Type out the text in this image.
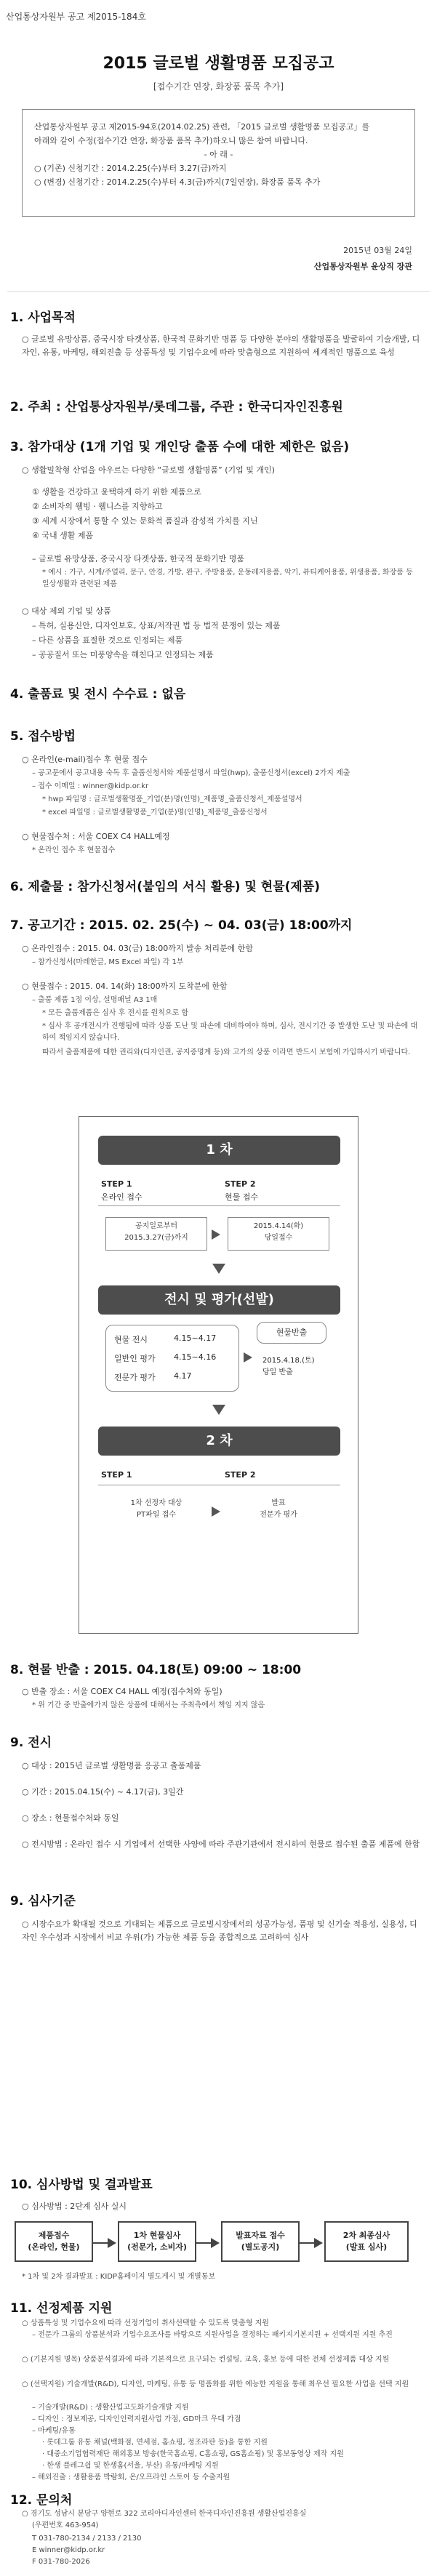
산업통상자원부 공고 제2015-184호
2015 글로벌 생활명품 모집공고
[접수기간 연장, 화장품 품목 추가]
산업통상자원부 공고 제2015-94호(2014.02.25) 관련, 「2015 글로벌 생활명품 모집공고」를
아래와 같이 수정(접수기간 연장, 화장품 품목 추가)하오니 많은 참여 바랍니다.
- 아 래 -
○ (기존) 신청기간 : 2014.2.25(수)부터 3.27(금)까지
○ (변경) 신청기간 : 2014.2.25(수)부터 4.3(금)까지(7일연장), 화장품 품목 추가
2015년 03월 24일
산업통상자원부 윤상직 장관
1. 사업목적
○ 글로벌 유망상품, 중국시장 타겟상품, 한국적 문화기반 명품 등 다양한 분야의 생활명품을 발굴하여 기술개발, 디자인, 유통, 마케팅, 해외진출 등 상품특성 및 기업수요에 따라 맞춤형으로 지원하여 세계적인 명품으로 육성
2. 주최 : 산업통상자원부/롯데그룹, 주관 : 한국디자인진흥원
3. 참가대상 (1개 기업 및 개인당 출품 수에 대한 제한은 없음)
○ 생활밀착형 산업을 아우르는 다양한 “글로벌 생활명품” (기업 및 개인)
① 생활을 건강하고 윤택하게 하기 위한 제품으로
② 소비자의 웰빙 · 웰니스를 지향하고
③ 세계 시장에서 통할 수 있는 문화적 품질과 감성적 가치를 지닌
④ 국내 생활 제품
– 글로벌 유망상품, 중국시장 타겟상품, 한국적 문화기반 명품
* 예시 : 가구, 시계/주얼리, 문구, 안경, 가방, 완구, 주방용품, 운동레저용품, 악기, 뷰티케어용품, 위생용품, 화장품 등 일상생활과 관련된 제품
○ 대상 제외 기업 및 상품
– 특허, 실용신안, 디자인보호, 상표/저작권 법 등 법적 분쟁이 있는 제품
– 다른 상품을 표절한 것으로 인정되는 제품
– 공공질서 또는 미풍양속을 해친다고 인정되는 제품
4. 출품료 및 전시 수수료 : 없음
5. 접수방법
○ 온라인(e-mail)접수 후 현물 접수
– 공고문에서 공고내용 숙독 후 출품신청서와 제품설명서 파일(hwp), 출품신청서(excel) 2가지 제출
– 접수 이메일 : winner@kidp.or.kr
* hwp 파일명 : 글로벌생활명품_기업(분)명(인명)_제품명_출품신청서_제품설명서
* excel 파일명 : 글로벌생활명품_기업(분)명(인명)_제품명_출품신청서
○ 현물접수처 : 서울 COEX C4 HALL예정
* 온라인 접수 후 현물접수
6. 제출물 : 참가신청서(붙임의 서식 활용) 및 현물(제품)
7. 공고기간 : 2015. 02. 25(수) ~ 04. 03(금) 18:00까지
○ 온라인접수 : 2015. 04. 03(금) 18:00까지 발송 처리분에 한함
– 참가신청서(마레한글, MS Excel 파일) 각 1부
○ 현물접수 : 2015. 04. 14(화) 18:00까지 도착분에 한함
– 출품 제품 1점 이상, 설명패널 A3 1매
* 모든 출품제품은 심사 후 전시를 원칙으로 함
* 심사 후 공개전시가 진행됨에 따라 상품 도난 및 파손에 대비하여야 하며, 심사, 전시기간 중 발생한 도난 및 파손에 대하여 책임지지 않습니다.
따라서 출품제품에 대한 권리와(디자인권, 공지증명계 등)와 고가의 상품 이라면 반드시 보험에 가입하시기 바랍니다.
1 차
STEP 1
온라인 접수
STEP 2
현물 접수
공지일로부터
2015.3.27(금)까지
2015.4.14(화)
당일접수
전시 및 평가(선발)
현물 전시	4.15~4.17
일반인 평가 4.15~4.16
전문가 평가 4.17
현물반출
2015.4.18.(토)
당일 반출
2 차
STEP 1	STEP 2
1차 선정자 대상
PT파일 접수
발표
전문가 평가
8. 현물 반출 : 2015. 04.18(토) 09:00 ~ 18:00
○ 반출 장소 : 서울 COEX C4 HALL 예정(접수처와 동일)
* 위 기간 중 반출에가지 않은 상품에 대해서는 주최측에서 책임 지지 않음
9. 전시
○ 대상 : 2015년 글로벌 생활명품 응공고 출품제품
○ 기간 : 2015.04.15(수) ~ 4.17(금), 3일간
○ 장소 : 현물접수처와 동일
○ 전시방법 : 온라인 접수 시 기업에서 선택한 사양에 따라 주관기관에서 전시하여 현물로 접수된 출품 제품에 한함
9. 심사기준
○ 시장수요가 확대될 것으로 기대되는 제품으로 글로벌시장에서의 성공가능성, 품평 및 신기술 적용성, 실용성, 디자인 우수성과 시장에서 비교 우위(가) 가능한 제품 등을 종합적으로 고려하여 심사
10. 심사방법 및 결과발표
○ 심사방법 : 2단계 심사 실시
제품접수
(온라인, 현물)
1차 현물심사
(전문가, 소비자)
발표자료 접수
(별도공지)
2차 최종심사
(발표 심사)
* 1차 및 2차 결과발표 : KIDP홈페이지 별도게시 및 개별통보
11. 선정제품 지원
○ 상품특성 및 기업수요에 따라 선정기업이 취사선택할 수 있도록 맞춤형 지원
– 전문가 그룹의 상품분석과 기업수요조사를 바탕으로 지원사업을 결정하는 패키지기본지원 + 선택지원 지원 추진
○ (기본지원 명목) 상품분석결과에 따라 기본적으로 요구되는 컨설팅, 교육, 홍보 등에 대한 전체 선정제품 대상 지원
○ (선택지원) 기술개발(R&D), 디자인, 마케팅, 유통 등 명품화를 위한 에능한 지원을 통해 최우선 필요한 사업을 선택 지원
– 기술개발(R&D) : 생활산업고도화기술개발 지원
– 디자인 : 정보제공, 디자인인력지원사업 가점, GD마크 우대 가점
– 마케팅/유통
· 롯데그룹 유통 채널(백화점, 면세점, 홈쇼핑, 정조라판 등)을 통한 지원
· 대중소기업협력재단 해외홍보 방송(한국홈쇼핑, C홈쇼핑, GS홈쇼핑) 및 홍보동영상 제작 지원
· 한생 플레그쉽 및 한생홈(서울, 부산) 유통/마케팅 지원
– 해외진출 : 생활용품 박람회, 온/오프라인 스토어 등 수출지원
12. 문의처
○ 경기도 성남시 분당구 양현로 322 코리아디자인센터 한국디자인진흥원 생활산업진흥실
(우편번호 463-954)
T 031-780-2134 / 2133 / 2130
E winner@kidp.or.kr
F 031-780-2026
